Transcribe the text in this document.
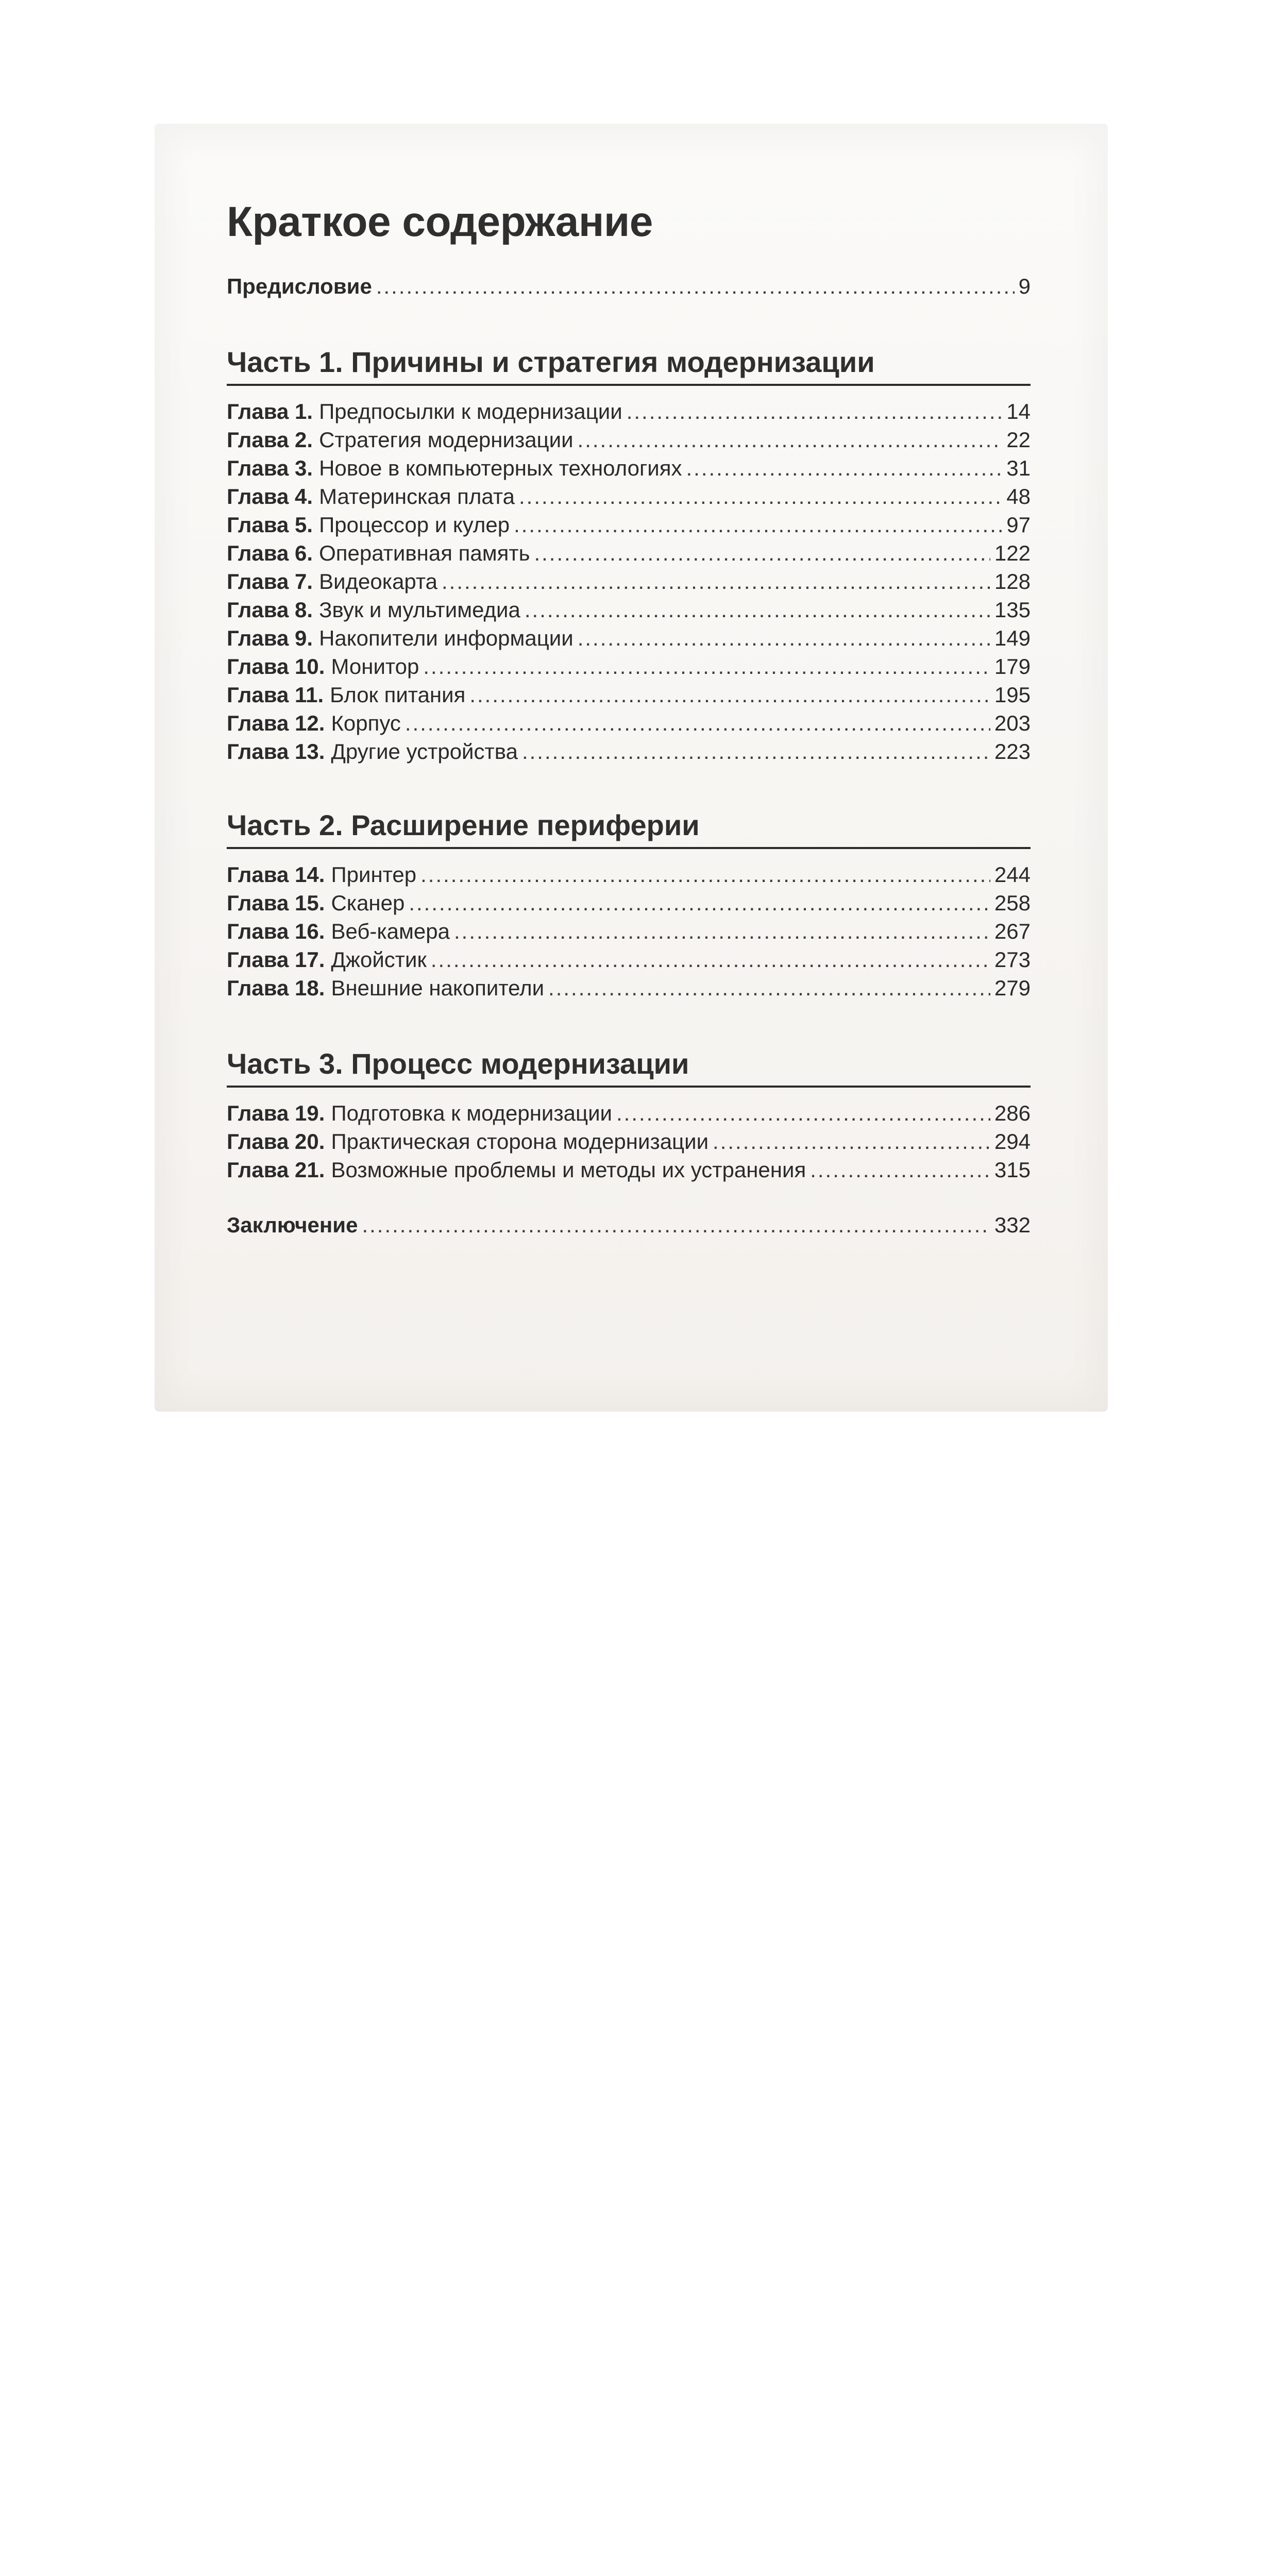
Краткое содержание
Предисловие .....	9
Часть 1. Причины и стратегия модернизации
Глава 1. Предпосылки к модернизации .....	14
Глава 2. Стратегия модернизации .....	22
Глава 3. Новое в компьютерных технологиях .....	31
Глава 4. Материнская плата .....	48
Глава 5. Процессор и кулер .....	97
Глава 6. Оперативная память .....	122
Глава 7. Видеокарта .....	128
Глава 8. Звук и мультимедиа .....	135
Глава 9. Накопители информации .....	149
Глава 10. Монитор .....	179
Глава 11. Блок питания .....	195
Глава 12. Корпус .....	203
Глава 13. Другие устройства .....	223
Часть 2. Расширение периферии
Глава 14. Принтер .....	244
Глава 15. Сканер .....	258
Глава 16. Веб-камера .....	267
Глава 17. Джойстик .....	273
Глава 18. Внешние накопители .....	279
Часть 3. Процесс модернизации
Глава 19. Подготовка к модернизации .....	286
Глава 20. Практическая сторона модернизации .....	294
Глава 21. Возможные проблемы и методы их устранения .....	315
Заключение .....	332
